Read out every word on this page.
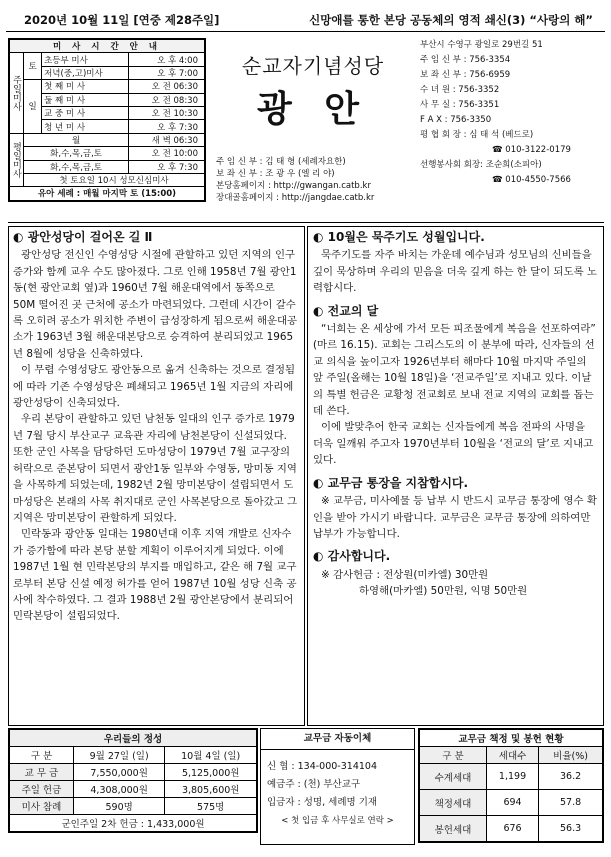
2020년 10월 11일 [연중 제28주일]	신망애를 통한 본당 공동체의 영적 쇄신(3) “사랑의 해”
미 사 시 간 안 내			
주일미사	토	초등부 미사	오 후 4:00
		저녁(중,고)미사	오 후 7:00
	일	첫 째 미 사	오 전 06:30
		둘 째 미 사	오 전 08:30
		교 중 미 사	오 전 10:30
		청 년 미 사	오 후 7:30
평일미사	월		새 벽 06:30
	화,수,목,금,토		오 전 10:00
	화,수,목,금,토		오 후 7:30
	첫 토요일 10시 성모신심미사		
유아 세례 : 매월 마지막 토 (15:00)			
순교자기념성당
광 안
주 임 신 부 : 김 태 형 (세례자요한)
보 좌 신 부 : 조 광 우 (엘 리 야)
본당홈페이지 : http://gwangan.catb.kr
장대골홈페이지 : http://jangdae.catb.kr
부산시 수영구 광일로 29번길 51
주 임 신 부 : 756-3354
보 좌 신 부 : 756-6959
수 녀 원 : 756-3352
사 무 실 : 756-3351
F A X : 756-3350
평 협 회 장 : 심 태 석 (베드로)
☎ 010-3122-0179
선행봉사회 회장: 조순희(소피아)
☎ 010-4550-7566
◐ 광안성당이 걸어온 길 Ⅱ

광안성당 전신인 수영성당 시절에 관할하고 있던 지역의 인구 증가와 함께 교우 수도 많아졌다. 그로 인해 1958년 7월 광안1동(현 광안교회 옆)과 1960년 7월 해운대역에서 동쪽으로 50M 떨어진 곳 근처에 공소가 마련되었다. 그런데 시간이 갈수록 오히려 공소가 위치한 주변이 급성장하게 됨으로써 해운대공소가 1963년 3월 해운대본당으로 승격하여 분리되었고 1965년 8월에 성당을 신축하였다.

이 무렵 수영성당도 광안동으로 옮겨 신축하는 것으로 결정됨에 따라 기존 수영성당은 폐쇄되고 1965년 1월 지금의 자리에 광안성당이 신축되었다.

우리 본당이 관할하고 있던 남천동 일대의 인구 증가로 1979년 7월 당시 부산교구 교육관 자리에 남천본당이 신설되었다. 또한 군인 사목을 담당하던 도마성당이 1979년 7월 교구장의 허락으로 준본당이 되면서 광안1동 일부와 수영동, 망미동 지역을 사목하게 되었는데, 1982년 2월 망미본당이 설립되면서 도마성당은 본래의 사목 취지대로 군인 사목본당으로 돌아갔고 그 지역은 망미본당이 관할하게 되었다.

민락동과 광안동 일대는 1980년대 이후 지역 개발로 신자수가 증가함에 따라 본당 분할 계획이 이루어지게 되었다. 이에 1987년 1월 현 민락본당의 부지를 매입하고, 같은 해 7월 교구로부터 본당 신설 예정 허가를 얻어 1987년 10월 성당 신축 공사에 착수하였다. 그 결과 1988년 2월 광안본당에서 분리되어 민락본당이 설립되었다.

◐ 10월은 묵주기도 성월입니다.

묵주기도를 자주 바치는 가운데 예수님과 성모님의 신비들을 깊이 묵상하며 우리의 믿음을 더욱 깊게 하는 한 달이 되도록 노력합시다.

◐ 전교의 달

“너희는 온 세상에 가서 모든 피조물에게 복음을 선포하여라” (마르 16.15). 교회는 그리스도의 이 분부에 따라, 신자들의 선교 의식을 높이고자 1926년부터 해마다 10월 마지막 주일의 앞 주일(올해는 10월 18일)을 ‘전교주일’로 지내고 있다. 이날의 특별 헌금은 교황청 전교회로 보내 전교 지역의 교회를 돕는 데 쓴다.

이에 발맞추어 한국 교회는 신자들에게 복음 전파의 사명을 더욱 일깨워 주고자 1970년부터 10월을 ‘전교의 달’로 지내고 있다.

◐ 교무금 통장을 지참합시다.

※ 교무금, 미사예물 등 납부 시 반드시 교무금 통장에 영수 확인을 받아 가시기 바랍니다. 교무금은 교무금 통장에 의하여만 납부가 가능합니다.

◐ 감사합니다.

※ 감사헌금 : 전상원(미카엘) 30만원

하영해(마카엘) 50만원, 익명 50만원

우리들의 정성		
구 분	9월 27일 (일)	10월 4일 (일)
교 무 금	7,550,000원	5,125,000원
주일 헌금	4,308,000원	3,805,600원
미사 참례	590명	575명
군인주일 2차 헌금 : 1,433,000원		
교무금 자동이체
신 협 : 134-000-314104
예금주 : (천) 부산교구
입금자 : 성명, 세례명 기재
< 첫 입금 후 사무실로 연락 >
교무금 책정 및 봉헌 현황		
구 분	세대수	비율(%)
수계세대	1,199	36.2
책정세대	694	57.8
봉헌세대	676	56.3
